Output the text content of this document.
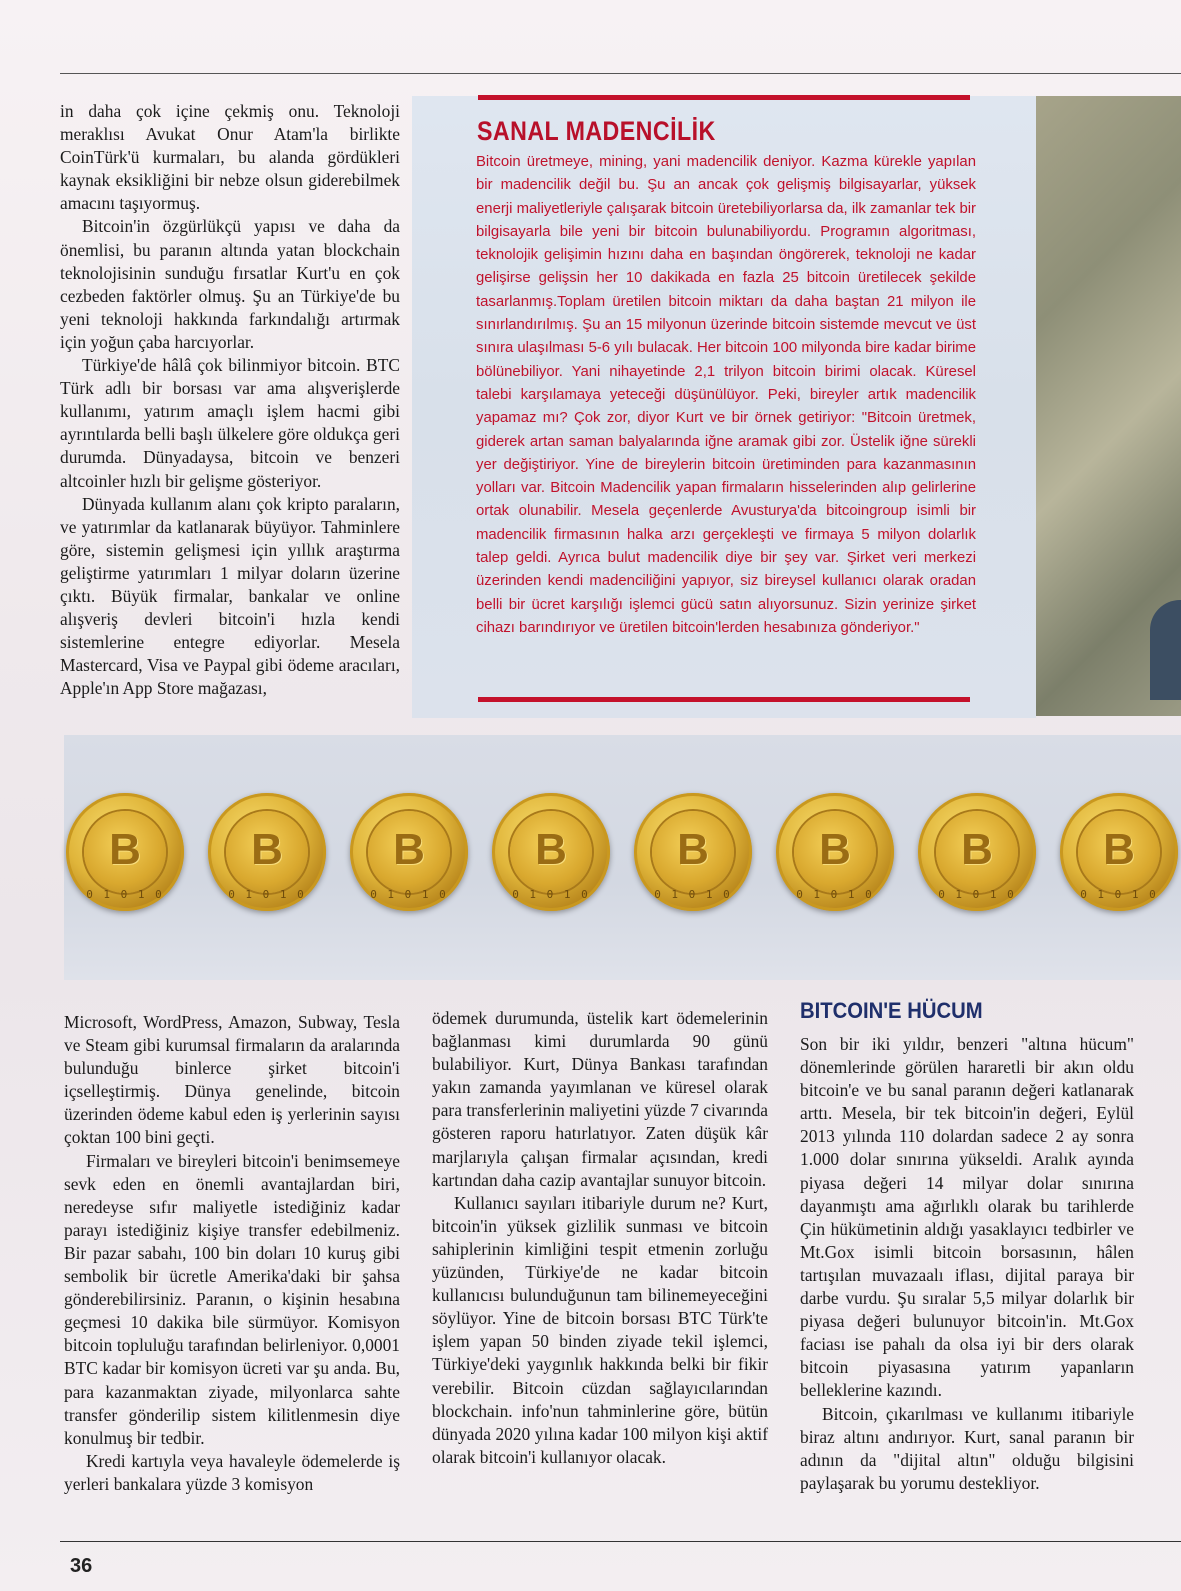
in daha çok içine çekmiş onu. Teknoloji meraklısı Avukat Onur Atam'la birlikte CoinTürk'ü kurmaları, bu alanda gördükleri kaynak eksikliğini bir nebze olsun giderebilmek amacını taşıyormuş.

Bitcoin'in özgürlükçü yapısı ve daha da önemlisi, bu paranın altında yatan blockchain teknolojisinin sunduğu fırsatlar Kurt'u en çok cezbeden faktörler olmuş. Şu an Türkiye'de bu yeni teknoloji hakkında farkındalığı artırmak için yoğun çaba harcıyorlar.

Türkiye'de hâlâ çok bilinmiyor bitcoin. BTC Türk adlı bir borsası var ama alışverişlerde kullanımı, yatırım amaçlı işlem hacmi gibi ayrıntılarda belli başlı ülkelere göre oldukça geri durumda. Dünyadaysa, bitcoin ve benzeri altcoinler hızlı bir gelişme gösteriyor.

Dünyada kullanım alanı çok kripto paraların, ve yatırımlar da katlanarak büyüyor. Tahminlere göre, sistemin gelişmesi için yıllık araştırma geliştirme yatırımları 1 milyar doların üzerine çıktı. Büyük firmalar, bankalar ve online alışveriş devleri bitcoin'i hızla kendi sistemlerine entegre ediyorlar. Mesela Mastercard, Visa ve Paypal gibi ödeme aracıları, Apple'ın App Store mağazası,

SANAL MADENCİLİK

Bitcoin üretmeye, mining, yani madencilik deniyor. Kazma kürekle yapılan bir madencilik değil bu. Şu an ancak çok gelişmiş bilgisayarlar, yüksek enerji maliyetleriyle çalışarak bitcoin üretebiliyorlarsa da, ilk zamanlar tek bir bilgisayarla bile yeni bir bitcoin bulunabiliyordu. Programın algoritması, teknolojik gelişimin hızını daha en başından öngörerek, teknoloji ne kadar gelişirse gelişsin her 10 dakikada en fazla 25 bitcoin üretilecek şekilde tasarlanmış.Toplam üretilen bitcoin miktarı da daha baştan 21 milyon ile sınırlandırılmış. Şu an 15 milyonun üzerinde bitcoin sistemde mevcut ve üst sınıra ulaşılması 5-6 yılı bulacak. Her bitcoin 100 milyonda bire kadar birime bölünebiliyor. Yani nihayetinde 2,1 trilyon bitcoin birimi olacak. Küresel talebi karşılamaya yeteceği düşünülüyor. Peki, bireyler artık madencilik yapamaz mı? Çok zor, diyor Kurt ve bir örnek getiriyor: "Bitcoin üretmek, giderek artan saman balyalarında iğne aramak gibi zor. Üstelik iğne sürekli yer değiştiriyor. Yine de bireylerin bitcoin üretiminden para kazanmasının yolları var. Bitcoin Madencilik yapan firmaların hisselerinden alıp gelirlerine ortak olunabilir. Mesela geçenlerde Avusturya'da bitcoingroup isimli bir madencilik firmasının halka arzı gerçekleşti ve firmaya 5 milyon dolarlık talep geldi. Ayrıca bulut madencilik diye bir şey var. Şirket veri merkezi üzerinden kendi madenciliğini yapıyor, siz bireysel kullanıcı olarak oradan belli bir ücret karşılığı işlemci gücü satın alıyorsunuz. Sizin yerinize şirket cihazı barındırıyor ve üretilen bitcoin'lerden hesabınıza gönderiyor."

B
0 1 0 1 0
B
0 1 0 1 0
B
0 1 0 1 0
B
0 1 0 1 0
B
0 1 0 1 0
B
0 1 0 1 0
B
0 1 0 1 0
B
0 1 0 1 0

Microsoft, WordPress, Amazon, Subway, Tesla ve Steam gibi kurumsal firmaların da aralarında bulunduğu binlerce şirket bitcoin'i içselleştirmiş. Dünya genelinde, bitcoin üzerinden ödeme kabul eden iş yerlerinin sayısı çoktan 100 bini geçti.

Firmaları ve bireyleri bitcoin'i benimsemeye sevk eden en önemli avantajlardan biri, neredeyse sıfır maliyetle istediğiniz kadar parayı istediğiniz kişiye transfer edebilmeniz. Bir pazar sabahı, 100 bin doları 10 kuruş gibi sembolik bir ücretle Amerika'daki bir şahsa gönderebilirsiniz. Paranın, o kişinin hesabına geçmesi 10 dakika bile sürmüyor. Komisyon bitcoin topluluğu tarafından belirleniyor. 0,0001 BTC kadar bir komisyon ücreti var şu anda. Bu, para kazanmaktan ziyade, milyonlarca sahte transfer gönderilip sistem kilitlenmesin diye konulmuş bir tedbir.

Kredi kartıyla veya havaleyle ödemelerde iş yerleri bankalara yüzde 3 komisyon

ödemek durumunda, üstelik kart ödemelerinin bağlanması kimi durumlarda 90 günü bulabiliyor. Kurt, Dünya Bankası tarafından yakın zamanda yayımlanan ve küresel olarak para transferlerinin maliyetini yüzde 7 civarında gösteren raporu hatırlatıyor. Zaten düşük kâr marjlarıyla çalışan firmalar açısından, kredi kartından daha cazip avantajlar sunuyor bitcoin.

Kullanıcı sayıları itibariyle durum ne? Kurt, bitcoin'in yüksek gizlilik sunması ve bitcoin sahiplerinin kimliğini tespit etmenin zorluğu yüzünden, Türkiye'de ne kadar bitcoin kullanıcısı bulunduğunun tam bilinemeyeceğini söylüyor. Yine de bitcoin borsası BTC Türk'te işlem yapan 50 binden ziyade tekil işlemci, Türkiye'deki yaygınlık hakkında belki bir fikir verebilir. Bitcoin cüzdan sağlayıcılarından blockchain. info'nun tahminlerine göre, bütün dünyada 2020 yılına kadar 100 milyon kişi aktif olarak bitcoin'i kullanıyor olacak.

BITCOIN'E HÜCUM

Son bir iki yıldır, benzeri "altına hücum" dönemlerinde görülen hararetli bir akın oldu bitcoin'e ve bu sanal paranın değeri katlanarak arttı. Mesela, bir tek bitcoin'in değeri, Eylül 2013 yılında 110 dolardan sadece 2 ay sonra 1.000 dolar sınırına yükseldi. Aralık ayında piyasa değeri 14 milyar dolar sınırına dayanmıştı ama ağırlıklı olarak bu tarihlerde Çin hükümetinin aldığı yasaklayıcı tedbirler ve Mt.Gox isimli bitcoin borsasının, hâlen tartışılan muvazaalı iflası, dijital paraya bir darbe vurdu. Şu sıralar 5,5 milyar dolarlık bir piyasa değeri bulunuyor bitcoin'in. Mt.Gox faciası ise pahalı da olsa iyi bir ders olarak bitcoin piyasasına yatırım yapanların belleklerine kazındı.

Bitcoin, çıkarılması ve kullanımı itibariyle biraz altını andırıyor. Kurt, sanal paranın bir adının da "dijital altın" olduğu bilgisini paylaşarak bu yorumu destekliyor.

36
